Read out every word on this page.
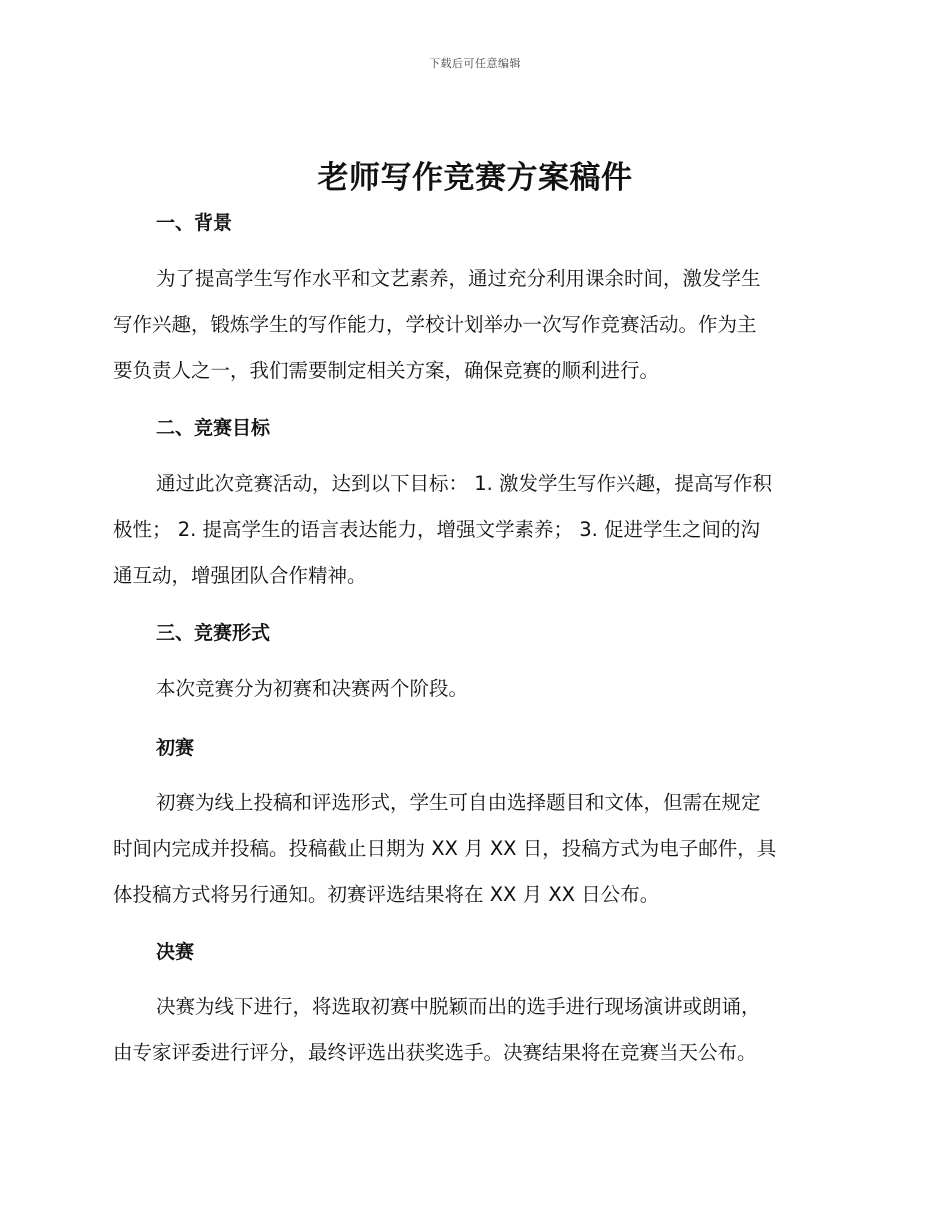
下载后可任意编辑
老师写作竞赛方案稿件
一、背景
为了提高学生写作水平和文艺素养，通过充分利用课余时间，激发学生
写作兴趣，锻炼学生的写作能力，学校计划举办一次写作竞赛活动。作为主
要负责人之一，我们需要制定相关方案，确保竞赛的顺利进行。
二、竞赛目标
通过此次竞赛活动，达到以下目标： 1. 激发学生写作兴趣，提高写作积
极性； 2. 提高学生的语言表达能力，增强文学素养； 3. 促进学生之间的沟
通互动，增强团队合作精神。
三、竞赛形式
本次竞赛分为初赛和决赛两个阶段。
初赛
初赛为线上投稿和评选形式，学生可自由选择题目和文体，但需在规定
时间内完成并投稿。投稿截止日期为 XX 月 XX 日，投稿方式为电子邮件，具
体投稿方式将另行通知。初赛评选结果将在 XX 月 XX 日公布。
决赛
决赛为线下进行，将选取初赛中脱颖而出的选手进行现场演讲或朗诵，
由专家评委进行评分，最终评选出获奖选手。决赛结果将在竞赛当天公布。
